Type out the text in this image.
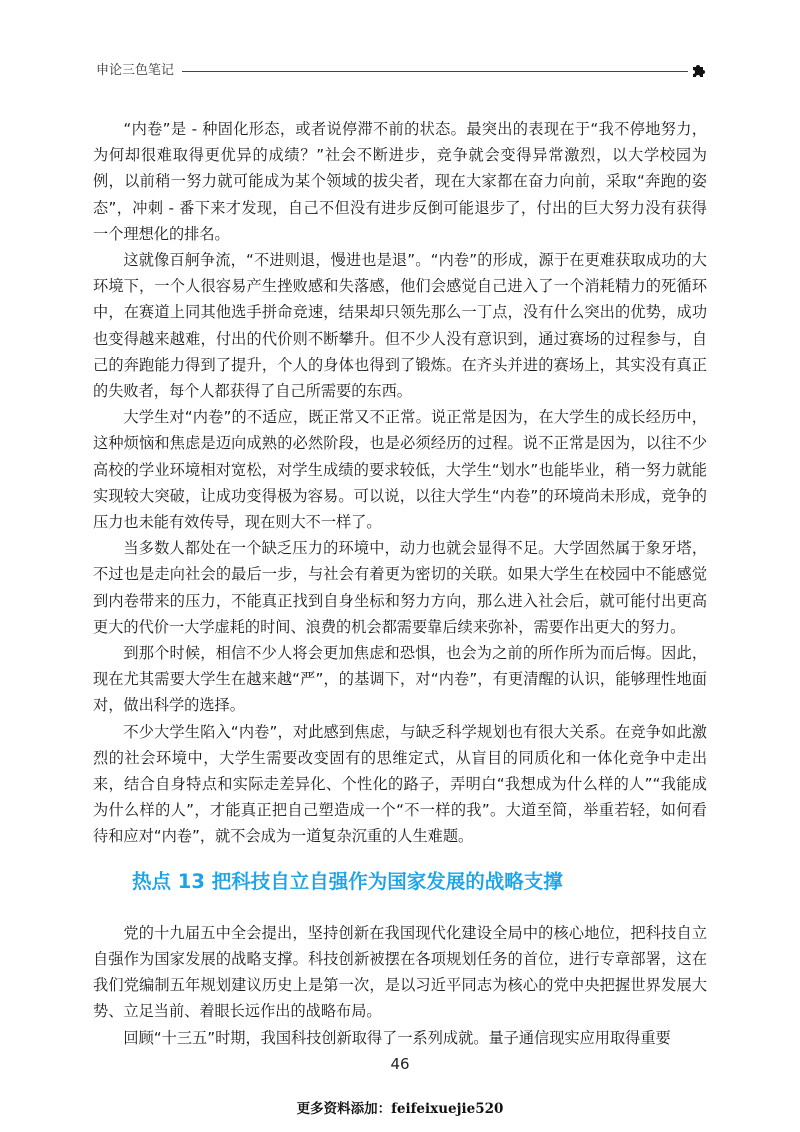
申论三色笔记

“内卷”是 - 种固化形态，或者说停滞不前的状态。最突出的表现在于“我不停地努力，为何却很难取得更优异的成绩？”社会不断进步，竞争就会变得异常激烈，以大学校园为例，以前稍一努力就可能成为某个领域的拔尖者，现在大家都在奋力向前，采取“奔跑的姿态”，冲刺 - 番下来才发现，自己不但没有进步反倒可能退步了，付出的巨大努力没有获得一个理想化的排名。

这就像百舸争流，“不进则退，慢进也是退”。“内卷”的形成，源于在更难获取成功的大环境下，一个人很容易产生挫败感和失落感，他们会感觉自己进入了一个消耗精力的死循环中，在赛道上同其他选手拼命竞速，结果却只领先那么一丁点，没有什么突出的优势，成功也变得越来越难，付出的代价则不断攀升。但不少人没有意识到，通过赛场的过程参与，自己的奔跑能力得到了提升，个人的身体也得到了锻炼。在齐头并进的赛场上，其实没有真正的失败者，每个人都获得了自己所需要的东西。

大学生对“内卷”的不适应，既正常又不正常。说正常是因为，在大学生的成长经历中，这种烦恼和焦虑是迈向成熟的必然阶段，也是必须经历的过程。说不正常是因为，以往不少高校的学业环境相对宽松，对学生成绩的要求较低，大学生“划水”也能毕业，稍一努力就能实现较大突破，让成功变得极为容易。可以说，以往大学生“内卷”的环境尚未形成，竞争的压力也未能有效传导，现在则大不一样了。

当多数人都处在一个缺乏压力的环境中，动力也就会显得不足。大学固然属于象牙塔，不过也是走向社会的最后一步，与社会有着更为密切的关联。如果大学生在校园中不能感觉到内卷带来的压力，不能真正找到自身坐标和努力方向，那么进入社会后，就可能付出更高更大的代价一大学虚耗的时间、浪费的机会都需要靠后续来弥补，需要作出更大的努力。

到那个时候，相信不少人将会更加焦虑和恐惧，也会为之前的所作所为而后悔。因此，现在尤其需要大学生在越来越“严”，的基调下，对“内卷”，有更清醒的认识，能够理性地面对，做出科学的选择。

不少大学生陷入“内卷”，对此感到焦虑，与缺乏科学规划也有很大关系。在竞争如此激烈的社会环境中，大学生需要改变固有的思维定式，从盲目的同质化和一体化竞争中走出来，结合自身特点和实际走差异化、个性化的路子，弄明白“我想成为什么样的人”“我能成为什么样的人”，才能真正把自己塑造成一个“不一样的我”。大道至简，举重若轻，如何看待和应对“内卷”，就不会成为一道复杂沉重的人生难题。

热点 13 把科技自立自强作为国家发展的战略支撑

党的十九届五中全会提出，坚持创新在我国现代化建设全局中的核心地位，把科技自立自强作为国家发展的战略支撑。科技创新被摆在各项规划任务的首位，进行专章部署，这在我们党编制五年规划建议历史上是第一次，是以习近平同志为核心的党中央把握世界发展大势、立足当前、着眼长远作出的战略布局。

回顾“十三五”时期，我国科技创新取得了一系列成就。量子通信现实应用取得重要

46
更多资料添加：feifeixuejie520
